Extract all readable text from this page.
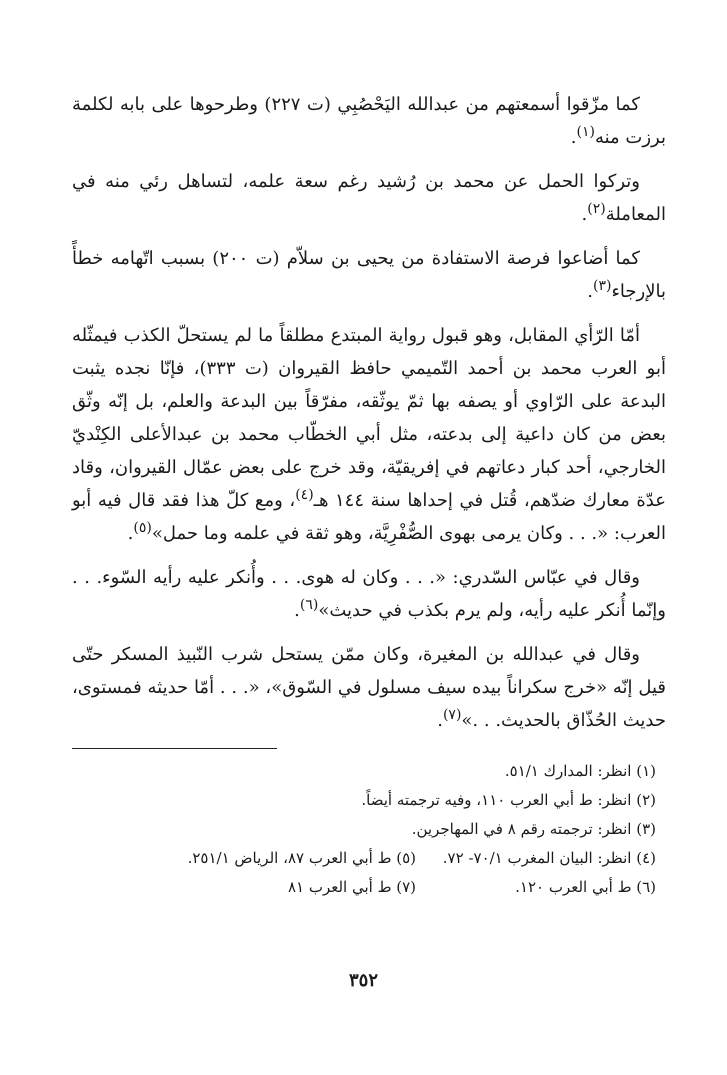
كما مزّقوا أسمعتهم من عبدالله اليَحْصُبِي (ت ٢٢٧) وطرحوها على بابه لكلمة برزت منه$^{(١)}$.

وتركوا الحمل عن محمد بن رُشيد رغم سعة علمه، لتساهل رئي منه في المعاملة$^{(٢)}$.

كما أضاعوا فرصة الاستفادة من يحيى بن سلاّم (ت ٢٠٠) بسبب اتّهامه خطأً بالإرجاء$^{(٣)}$.

أمّا الرّأي المقابل، وهو قبول رواية المبتدع مطلقاً ما لم يستحلّ الكذب فيمثّله أبو العرب محمد بن أحمد التّميمي حافظ القيروان (ت ٣٣٣)، فإنّا نجده يثبت البدعة على الرّاوي أو يصفه بها ثمّ يوثّقه، مفرّقاً بين البدعة والعلم، بل إنّه وثّق بعض من كان داعية إلى بدعته، مثل أبي الخطّاب محمد بن عبدالأعلى الكِنْديّ الخارجي، أحد كبار دعاتهم في إفريقيّة، وقد خرج على بعض عمّال القيروان، وقاد عدّة معارك ضدّهم، قُتل في إحداها سنة ١٤٤ هـ$^{(٤)}$، ومع كلّ هذا فقد قال فيه أبو العرب: «. . . وكان يرمى بهوى الصُّفْرِيَّة، وهو ثقة في علمه وما حمل»$^{(٥)}$.

وقال في عبّاس السّدري: «. . . وكان له هوى. . . وأُنكر عليه رأيه السّوء. . . وإنّما أُنكر عليه رأيه، ولم يرم بكذب في حديث»$^{(٦)}$.

وقال في عبدالله بن المغيرة، وكان ممّن يستحل شرب النّبيذ المسكر حتّى قيل إنّه «خرج سكراناً بيده سيف مسلول في السّوق»، «. . . أمّا حديثه فمستوى، حديث الحُذّاق بالحديث. . .»$^{(٧)}$.

(١) انظر: المدارك ٥١/١.

(٢) انظر: ط أبي العرب ١١٠، وفيه ترجمته أيضاً.

(٣) انظر: ترجمته رقم ٨ في المهاجرين.

(٤) انظر: البيان المغرب ٧٠/١- ٧٢.
(٥) ط أبي العرب ٨٧، الرياض ٢٥١/١.
(٦) ط أبي العرب ١٢٠.
(٧) ط أبي العرب ٨١
٣٥٢
